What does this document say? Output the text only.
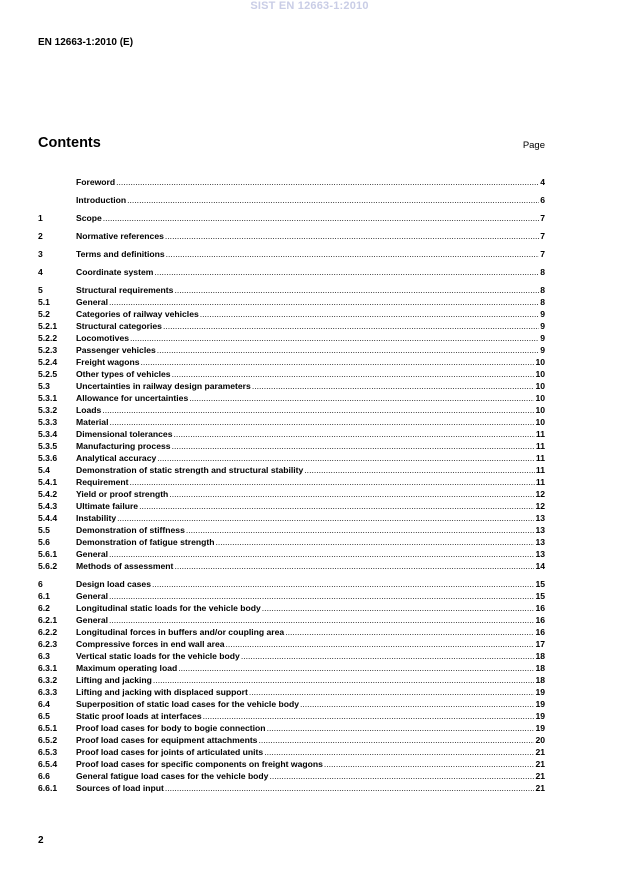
SIST EN 12663-1:2010
EN 12663-1:2010 (E)
Contents	Page
Foreword .....	4
Introduction .....	6
1	Scope .....	7
2	Normative references .....	7
3	Terms and definitions .....	7
4	Coordinate system .....	8
5	Structural requirements .....	8
5.1	General .....	8
5.2	Categories of railway vehicles .....	9
5.2.1	Structural categories .....	9
5.2.2	Locomotives .....	9
5.2.3	Passenger vehicles .....	9
5.2.4	Freight wagons .....	10
5.2.5	Other types of vehicles .....	10
5.3	Uncertainties in railway design parameters .....	10
5.3.1	Allowance for uncertainties .....	10
5.3.2	Loads .....	10
5.3.3	Material .....	10
5.3.4	Dimensional tolerances .....	11
5.3.5	Manufacturing process .....	11
5.3.6	Analytical accuracy .....	11
5.4	Demonstration of static strength and structural stability .....	11
5.4.1	Requirement .....	11
5.4.2	Yield or proof strength .....	12
5.4.3	Ultimate failure .....	12
5.4.4	Instability .....	13
5.5	Demonstration of stiffness .....	13
5.6	Demonstration of fatigue strength .....	13
5.6.1	General .....	13
5.6.2	Methods of assessment .....	14
6	Design load cases .....	15
6.1	General .....	15
6.2	Longitudinal static loads for the vehicle body .....	16
6.2.1	General .....	16
6.2.2	Longitudinal forces in buffers and/or coupling area .....	16
6.2.3	Compressive forces in end wall area .....	17
6.3	Vertical static loads for the vehicle body .....	18
6.3.1	Maximum operating load .....	18
6.3.2	Lifting and jacking .....	18
6.3.3	Lifting and jacking with displaced support .....	19
6.4	Superposition of static load cases for the vehicle body .....	19
6.5	Static proof loads at interfaces .....	19
6.5.1	Proof load cases for body to bogie connection .....	19
6.5.2	Proof load cases for equipment attachments .....	20
6.5.3	Proof load cases for joints of articulated units .....	21
6.5.4	Proof load cases for specific components on freight wagons .....	21
6.6	General fatigue load cases for the vehicle body .....	21
6.6.1	Sources of load input .....	21
2
